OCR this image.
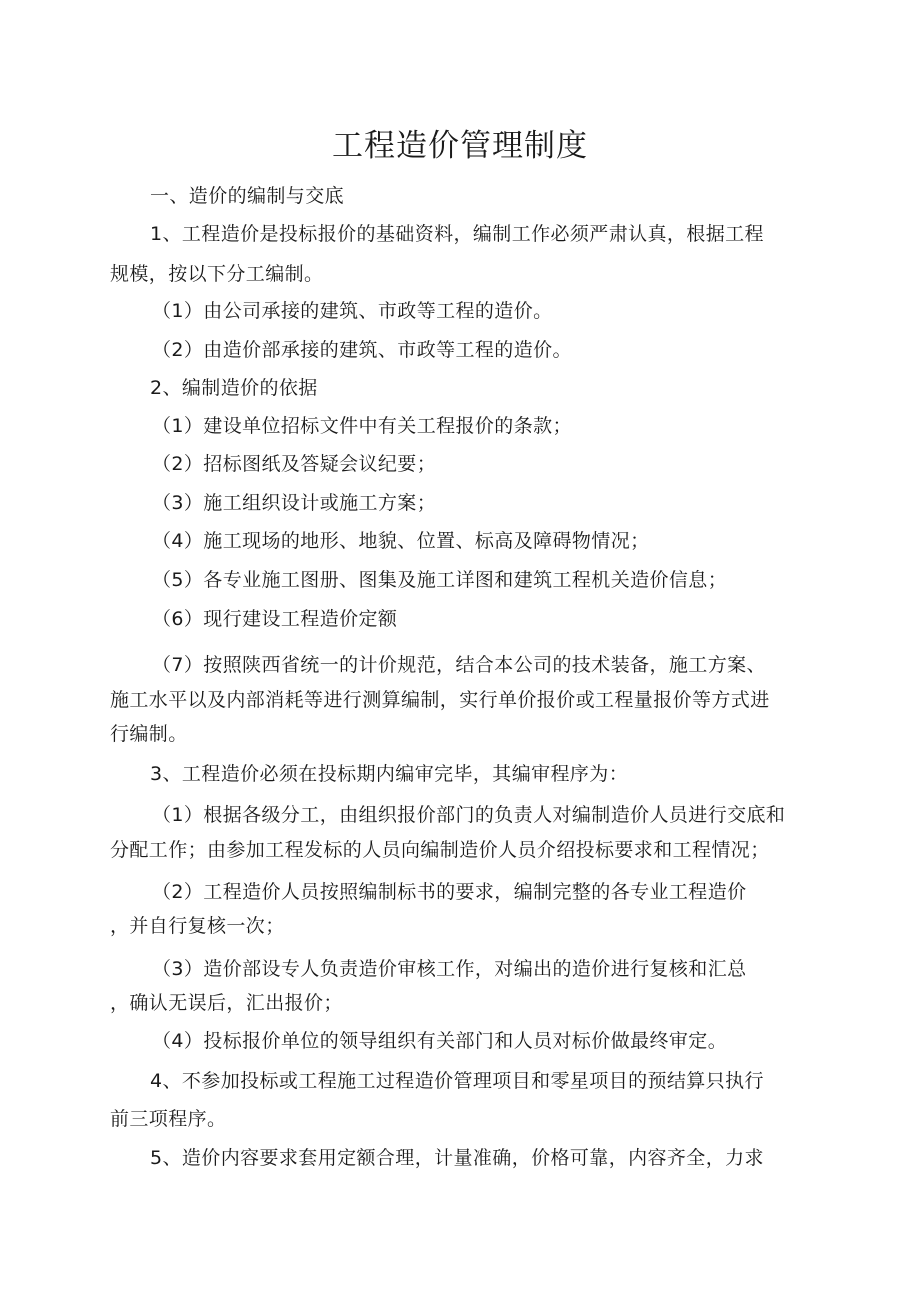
工程造价管理制度
一、造价的编制与交底
1、工程造价是投标报价的基础资料，编制工作必须严肃认真，根据工程
规模，按以下分工编制。
（1）由公司承接的建筑、市政等工程的造价。
（2）由造价部承接的建筑、市政等工程的造价。
2、编制造价的依据
（1）建设单位招标文件中有关工程报价的条款；
（2）招标图纸及答疑会议纪要；
（3）施工组织设计或施工方案；
（4）施工现场的地形、地貌、位置、标高及障碍物情况；
（5）各专业施工图册、图集及施工详图和建筑工程机关造价信息；
（6）现行建设工程造价定额
（7）按照陕西省统一的计价规范，结合本公司的技术装备，施工方案、
施工水平以及内部消耗等进行测算编制，实行单价报价或工程量报价等方式进
行编制。
3、工程造价必须在投标期内编审完毕，其编审程序为：
（1）根据各级分工，由组织报价部门的负责人对编制造价人员进行交底和
分配工作；由参加工程发标的人员向编制造价人员介绍投标要求和工程情况；
（2）工程造价人员按照编制标书的要求，编制完整的各专业工程造价
，并自行复核一次；
（3）造价部设专人负责造价审核工作，对编出的造价进行复核和汇总
，确认无误后，汇出报价；
（4）投标报价单位的领导组织有关部门和人员对标价做最终审定。
4、不参加投标或工程施工过程造价管理项目和零星项目的预结算只执行
前三项程序。
5、造价内容要求套用定额合理，计量准确，价格可靠，内容齐全，力求
